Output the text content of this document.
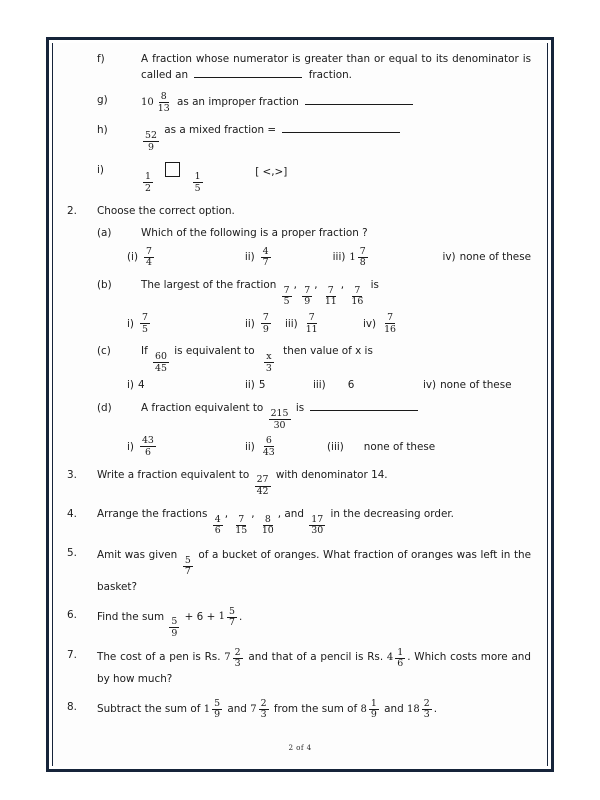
f)	A fraction whose numerator is greater than or equal to its denominator is called an	fraction.
g)	$10 \frac{8}{13}$ as an improper fraction
h)
$\frac{52}{9}$
as a mixed fraction =
i)
$\frac{1}{2}$
	$\frac{1}{5}$
[ <,>]
2.	Choose the correct option.
(a)	Which of the following is a proper fraction ?
$(i) \frac{7}{4}$	$ii) \frac{4}{7}$	iii) $1 \frac{7}{8}$	iv) none of these
(b)	The largest of the fraction
$\frac{7}{5}$
,
$\frac{7}{9}$
,
$\frac{7}{11}$
,
$\frac{7}{16}$
is
$i) \frac{7}{5}$	$ii) \frac{7}{9} iii) \frac{7}{11}$	$iv) \frac{7}{16}$
(c)	If
$\frac{60}{45}$
is equivalent to
$\frac{x}{3}$
then value of x is
i) 4	ii) 5	iii) 6	iv) none of these
(d)	A fraction equivalent to
$\frac{215}{30}$
is
$i) \frac{43}{6}$	$ii) \frac{6}{43}$	(iii) none of these
3.	Write a fraction equivalent to
$\frac{27}{42}$
with denominator 14.
4.	Arrange the fractions
$\frac{4}{6}$
,
$\frac{7}{15}$
,
$\frac{8}{10}$
, and
$\frac{17}{30}$
in the decreasing order.
5.	Amit was given
$\frac{5}{7}$
of a bucket of oranges. What fraction of oranges was left in the basket?
6.	Find the sum
$\frac{5}{9}$
+ $6 + 1 \frac{5}{7}$ .
7.	The cost of a pen is Rs. $7 \frac{2}{3}$ and that of a pencil is Rs. $4 \frac{1}{6}$ . Which costs more and by how much?
8.	Subtract the sum of $1 \frac{5}{9}$ and $7 \frac{2}{3}$ from the sum of $8 \frac{1}{9}$ and $18 \frac{2}{3}$ .
2 of 4
